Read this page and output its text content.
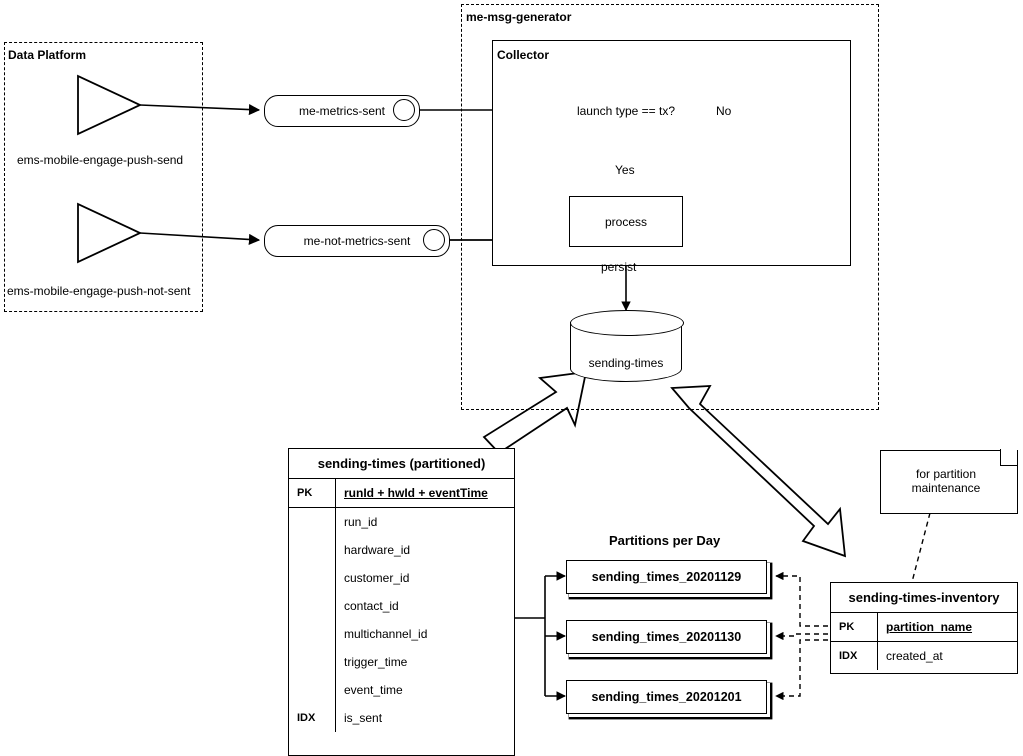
Data Platform
ems-mobile-engage-push-send
ems-mobile-engage-push-not-sent
me-msg-generator
Collector
launch type == tx?	No
Yes
process
persist
me-metrics-sent
me-not-metrics-sent
sending-times
sending-times (partitioned)
PK	runId + hwId + eventTime
	run_id
	hardware_id
	customer_id
	contact_id
	multichannel_id
	trigger_time
	event_time
IDX	is_sent
Partitions per Day
sending_times_20201129
sending_times_20201130
sending_times_20201201
sending-times-inventory
PK	partition_name
IDX	created_at
for partition maintenance
